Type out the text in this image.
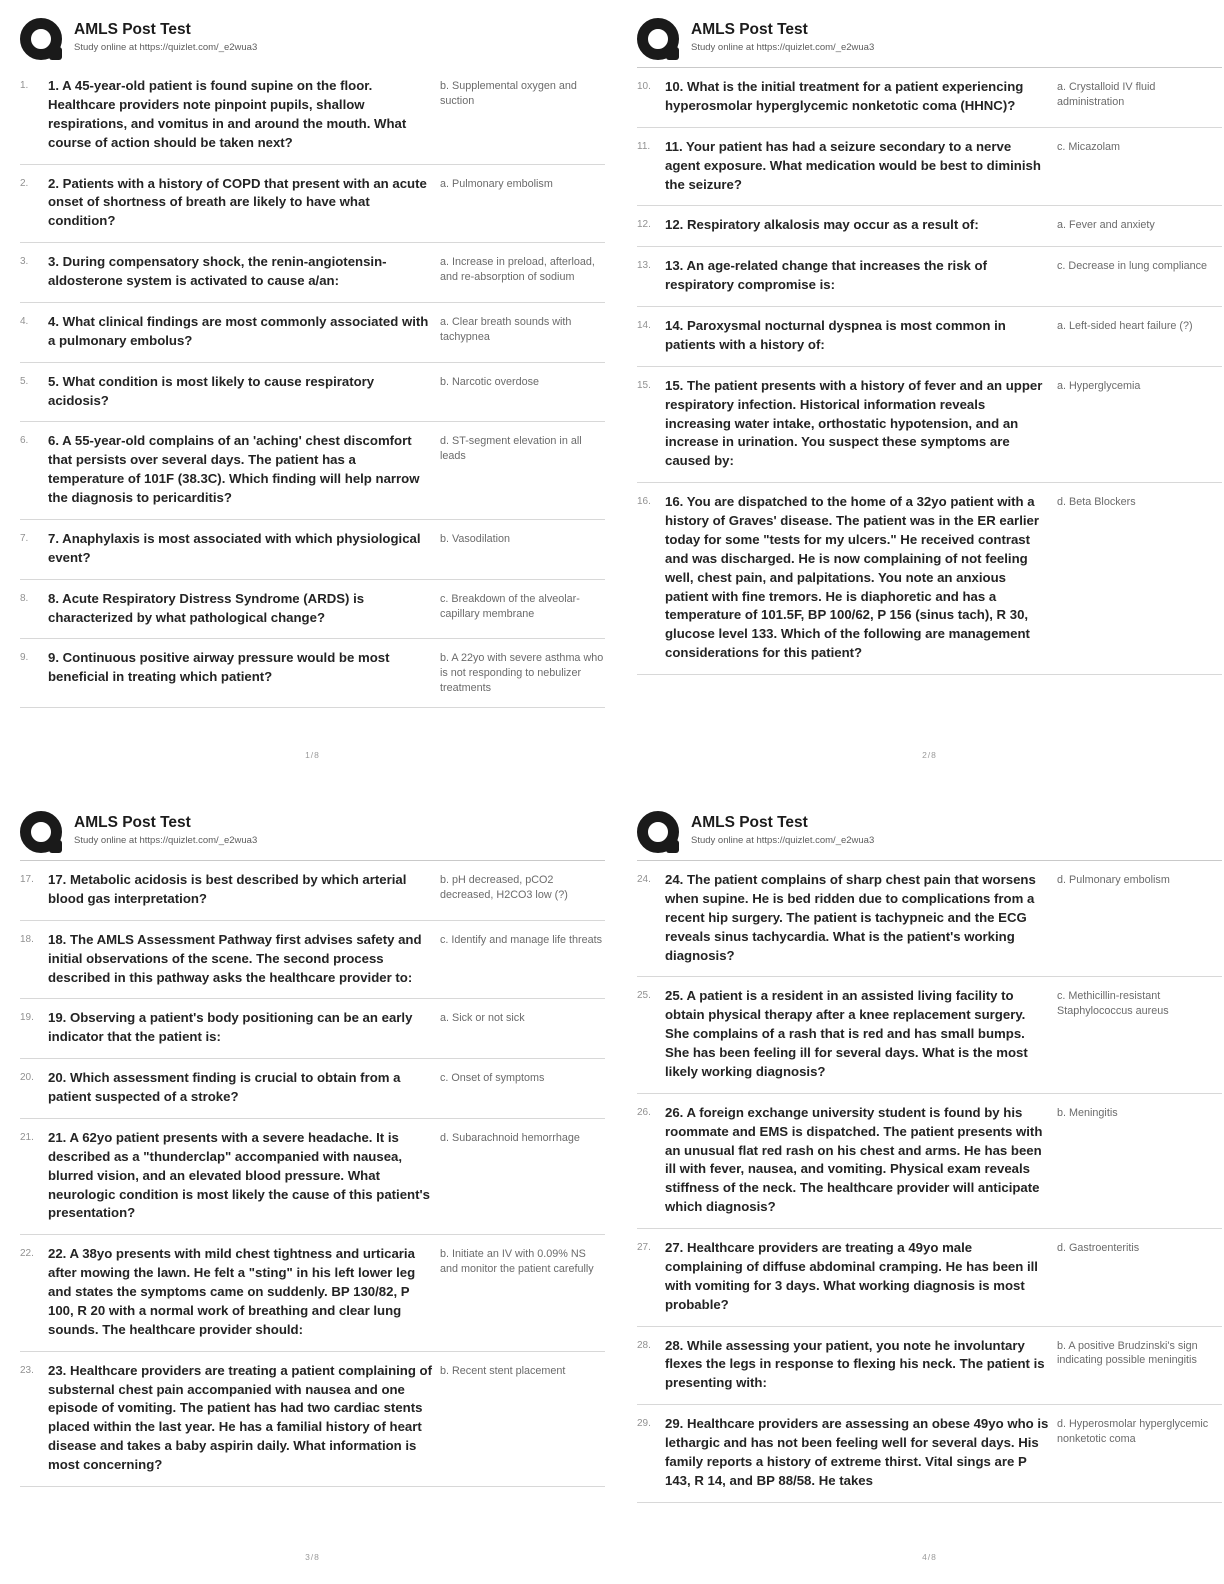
AMLS Post Test
Study online at https://quizlet.com/_e2wua3
1.	1. A 45-year-old patient is found supine on the floor. Healthcare providers note pinpoint pupils, shallow respirations, and vomitus in and around the mouth. What course of action should be taken next?
b. Supplemental oxygen and suction
2.	2. Patients with a history of COPD that present with an acute onset of shortness of breath are likely to have what condition?
a. Pulmonary embolism
3.	3. During compensatory shock, the renin-angiotensin-aldosterone system is activated to cause a/an:
a. Increase in preload, afterload, and re-absorption of sodium
4.	4. What clinical findings are most commonly associated with a pulmonary embolus?
a. Clear breath sounds with tachypnea
5.	5. What condition is most likely to cause respiratory acidosis?
b. Narcotic overdose
6.	6. A 55-year-old complains of an 'aching' chest discomfort that persists over several days. The patient has a temperature of 101F (38.3C). Which finding will help narrow the diagnosis to pericarditis?
d. ST-segment elevation in all leads
7.	7. Anaphylaxis is most associated with which physiological event?
b. Vasodilation
8.	8. Acute Respiratory Distress Syndrome (ARDS) is characterized by what pathological change?
c. Breakdown of the alveolar-capillary membrane
9.	9. Continuous positive airway pressure would be most beneficial in treating which patient?
b. A 22yo with severe asthma who is not responding to nebulizer treatments
1/8
AMLS Post Test
Study online at https://quizlet.com/_e2wua3
10.	10. What is the initial treatment for a patient experiencing hyperosmolar hyperglycemic nonketotic coma (HHNC)?
a. Crystalloid IV fluid administration
11.	11. Your patient has had a seizure secondary to a nerve agent exposure. What medication would be best to diminish the seizure?
c. Micazolam
12.	12. Respiratory alkalosis may occur as a result of:	a. Fever and anxiety
13.	13. An age-related change that increases the risk of respiratory compromise is:
c. Decrease in lung compliance
14.	14. Paroxysmal nocturnal dyspnea is most common in patients with a history of:
a. Left-sided heart failure (?)
15.	15. The patient presents with a history of fever and an upper respiratory infection. Historical information reveals increasing water intake, orthostatic hypotension, and an increase in urination. You suspect these symptoms are caused by:
a. Hyperglycemia
16.	16. You are dispatched to the home of a 32yo patient with a history of Graves' disease. The patient was in the ER earlier today for some "tests for my ulcers." He received contrast and was discharged. He is now complaining of not feeling well, chest pain, and palpitations. You note an anxious patient with fine tremors. He is diaphoretic and has a temperature of 101.5F, BP 100/62, P 156 (sinus tach), R 30, glucose level 133. Which of the following are management considerations for this patient?
d. Beta Blockers
2/8
AMLS Post Test
Study online at https://quizlet.com/_e2wua3
17.	17. Metabolic acidosis is best described by which arterial blood gas interpretation?
b. pH decreased, pCO2 decreased, H2CO3 low (?)
18.	18. The AMLS Assessment Pathway first advises safety and initial observations of the scene. The second process described in this pathway asks the healthcare provider to:
c. Identify and manage life threats
19.	19. Observing a patient's body positioning can be an early indicator that the patient is:
a. Sick or not sick
20.	20. Which assessment finding is crucial to obtain from a patient suspected of a stroke?
c. Onset of symptoms
21.	21. A 62yo patient presents with a severe headache. It is described as a "thunderclap" accompanied with nausea, blurred vision, and an elevated blood pressure. What neurologic condition is most likely the cause of this patient's presentation?
d. Subarachnoid hemorrhage
22.	22. A 38yo presents with mild chest tightness and urticaria after mowing the lawn. He felt a "sting" in his left lower leg and states the symptoms came on suddenly. BP 130/82, P 100, R 20 with a normal work of breathing and clear lung sounds. The healthcare provider should:
b. Initiate an IV with 0.09% NS and monitor the patient carefully
23.	23. Healthcare providers are treating a patient complaining of substernal chest pain accompanied with nausea and one episode of vomiting. The patient has had two cardiac stents placed within the last year. He has a familial history of heart disease and takes a baby aspirin daily. What information is most concerning?
b. Recent stent placement
3/8
AMLS Post Test
Study online at https://quizlet.com/_e2wua3
24.	24. The patient complains of sharp chest pain that worsens when supine. He is bed ridden due to complications from a recent hip surgery. The patient is tachypneic and the ECG reveals sinus tachycardia. What is the patient's working diagnosis?
d. Pulmonary embolism
25.	25. A patient is a resident in an assisted living facility to obtain physical therapy after a knee replacement surgery. She complains of a rash that is red and has small bumps. She has been feeling ill for several days. What is the most likely working diagnosis?
c. Methicillin-resistant Staphylococcus aureus
26.	26. A foreign exchange university student is found by his roommate and EMS is dispatched. The patient presents with an unusual flat red rash on his chest and arms. He has been ill with fever, nausea, and vomiting. Physical exam reveals stiffness of the neck. The healthcare provider will anticipate which diagnosis?
b. Meningitis
27.	27. Healthcare providers are treating a 49yo male complaining of diffuse abdominal cramping. He has been ill with vomiting for 3 days. What working diagnosis is most probable?
d. Gastroenteritis
28.	28. While assessing your patient, you note he involuntary flexes the legs in response to flexing his neck. The patient is presenting with:
b. A positive Brudzinski's sign indicating possible meningitis
29.	29. Healthcare providers are assessing an obese 49yo who is lethargic and has not been feeling well for several days. His family reports a history of extreme thirst. Vital sings are P 143, R 14, and BP 88/58. He takes
d. Hyperosmolar hyperglycemic nonketotic coma
4/8
